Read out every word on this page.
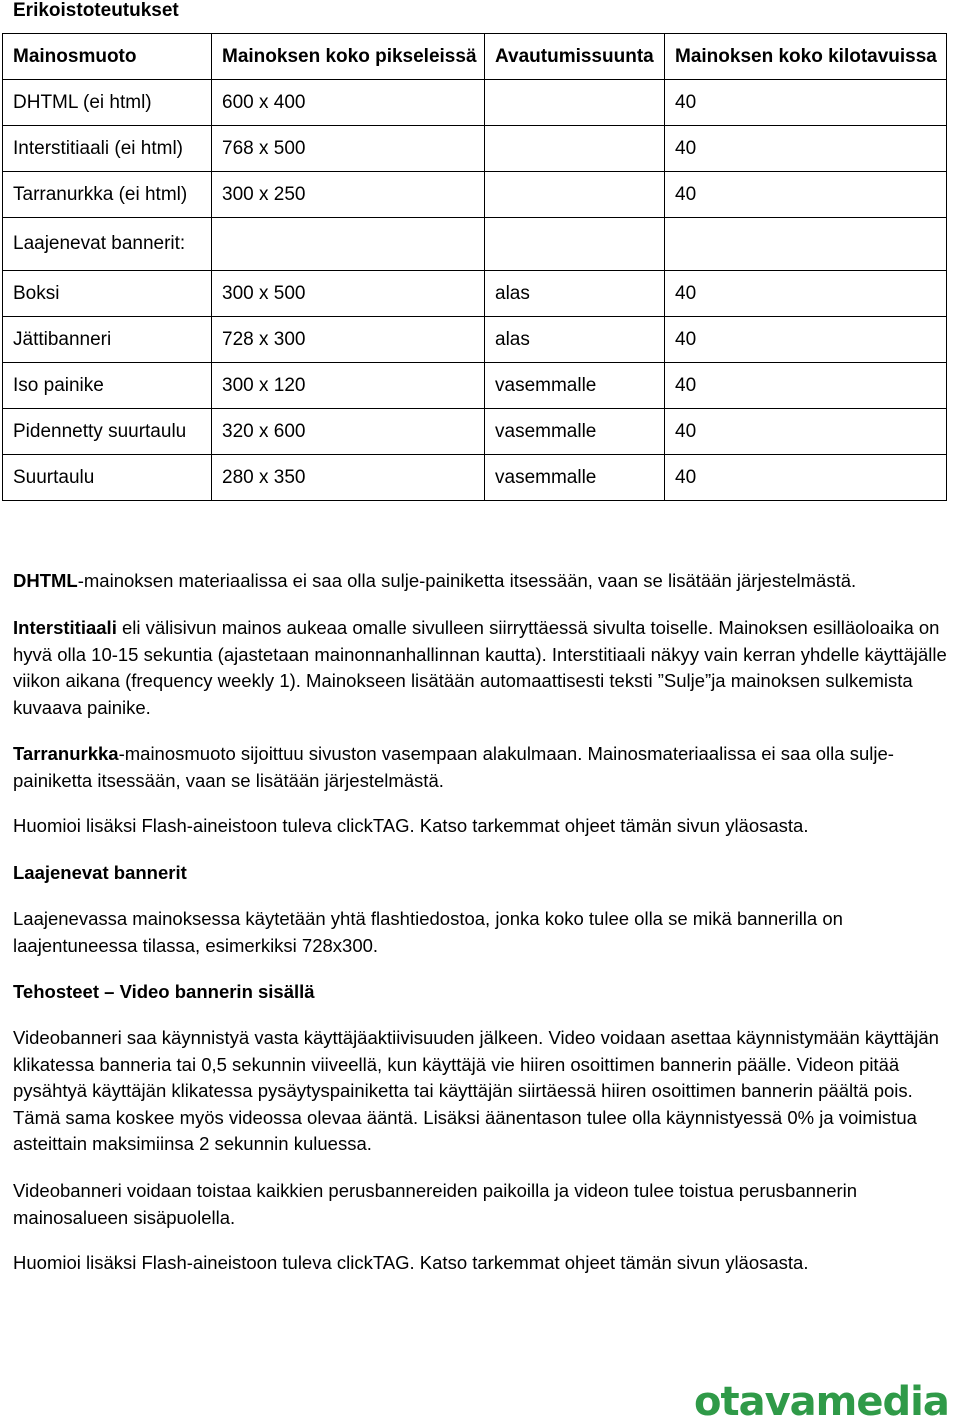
Erikoistoteutukset
Mainosmuoto	Mainoksen koko pikseleissä	Avautumissuunta	Mainoksen koko kilotavuissa
DHTML (ei html)	600 x 400		40
Interstitiaali (ei html)	768 x 500		40
Tarranurkka (ei html)	300 x 250		40
Laajenevat bannerit:			
Boksi	300 x 500	alas	40
Jättibanneri	728 x 300	alas	40
Iso painike	300 x 120	vasemmalle	40
Pidennetty suurtaulu	320 x 600	vasemmalle	40
Suurtaulu	280 x 350	vasemmalle	40
DHTML-mainoksen materiaalissa ei saa olla sulje-painiketta itsessään, vaan se lisätään järjestelmästä.
Interstitiaali eli välisivun mainos aukeaa omalle sivulleen siirryttäessä sivulta toiselle. Mainoksen esilläoloaika on hyvä olla 10-15 sekuntia (ajastetaan mainonnanhallinnan kautta). Interstitiaali näkyy vain kerran yhdelle käyttäjälle viikon aikana (frequency weekly 1). Mainokseen lisätään automaattisesti teksti ”Sulje”ja mainoksen sulkemista kuvaava painike.
Tarranurkka-mainosmuoto sijoittuu sivuston vasempaan alakulmaan. Mainosmateriaalissa ei saa olla sulje-painiketta itsessään, vaan se lisätään järjestelmästä.
Huomioi lisäksi Flash-aineistoon tuleva clickTAG. Katso tarkemmat ohjeet tämän sivun yläosasta.
Laajenevat bannerit
Laajenevassa mainoksessa käytetään yhtä flashtiedostoa, jonka koko tulee olla se mikä bannerilla on laajentuneessa tilassa, esimerkiksi 728x300.
Tehosteet – Video bannerin sisällä
Videobanneri saa käynnistyä vasta käyttäjäaktiivisuuden jälkeen. Video voidaan asettaa käynnistymään käyttäjän klikatessa banneria tai 0,5 sekunnin viiveellä, kun käyttäjä vie hiiren osoittimen bannerin päälle. Videon pitää pysähtyä käyttäjän klikatessa pysäytyspainiketta tai käyttäjän siirtäessä hiiren osoittimen bannerin päältä pois. Tämä sama koskee myös videossa olevaa ääntä. Lisäksi äänentason tulee olla käynnistyessä 0% ja voimistua asteittain maksimiinsa 2 sekunnin kuluessa.
Videobanneri voidaan toistaa kaikkien perusbannereiden paikoilla ja videon tulee toistua perusbannerin mainosalueen sisäpuolella.
Huomioi lisäksi Flash-aineistoon tuleva clickTAG. Katso tarkemmat ohjeet tämän sivun yläosasta.
otavamedia
